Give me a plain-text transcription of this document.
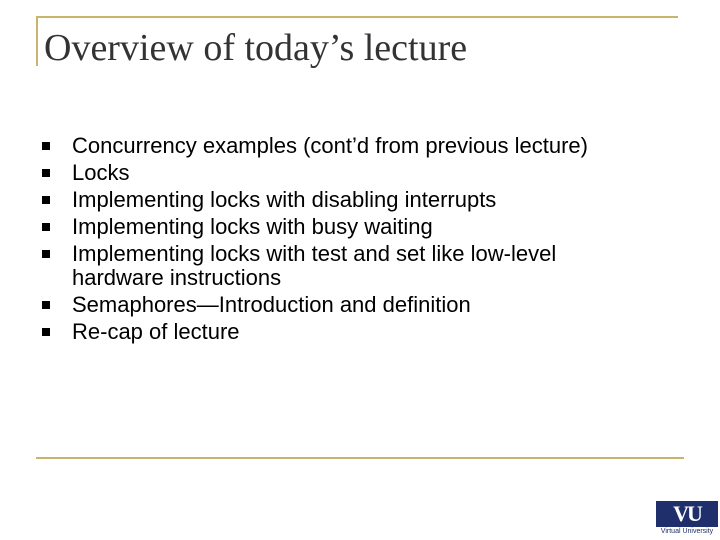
Overview of today’s lecture
Concurrency examples (cont’d from previous lecture)
Locks
Implementing locks with disabling interrupts
Implementing locks with busy waiting
Implementing locks with test and set like low-level hardware instructions
Semaphores—Introduction and definition
Re-cap of lecture
VU
Virtual University
